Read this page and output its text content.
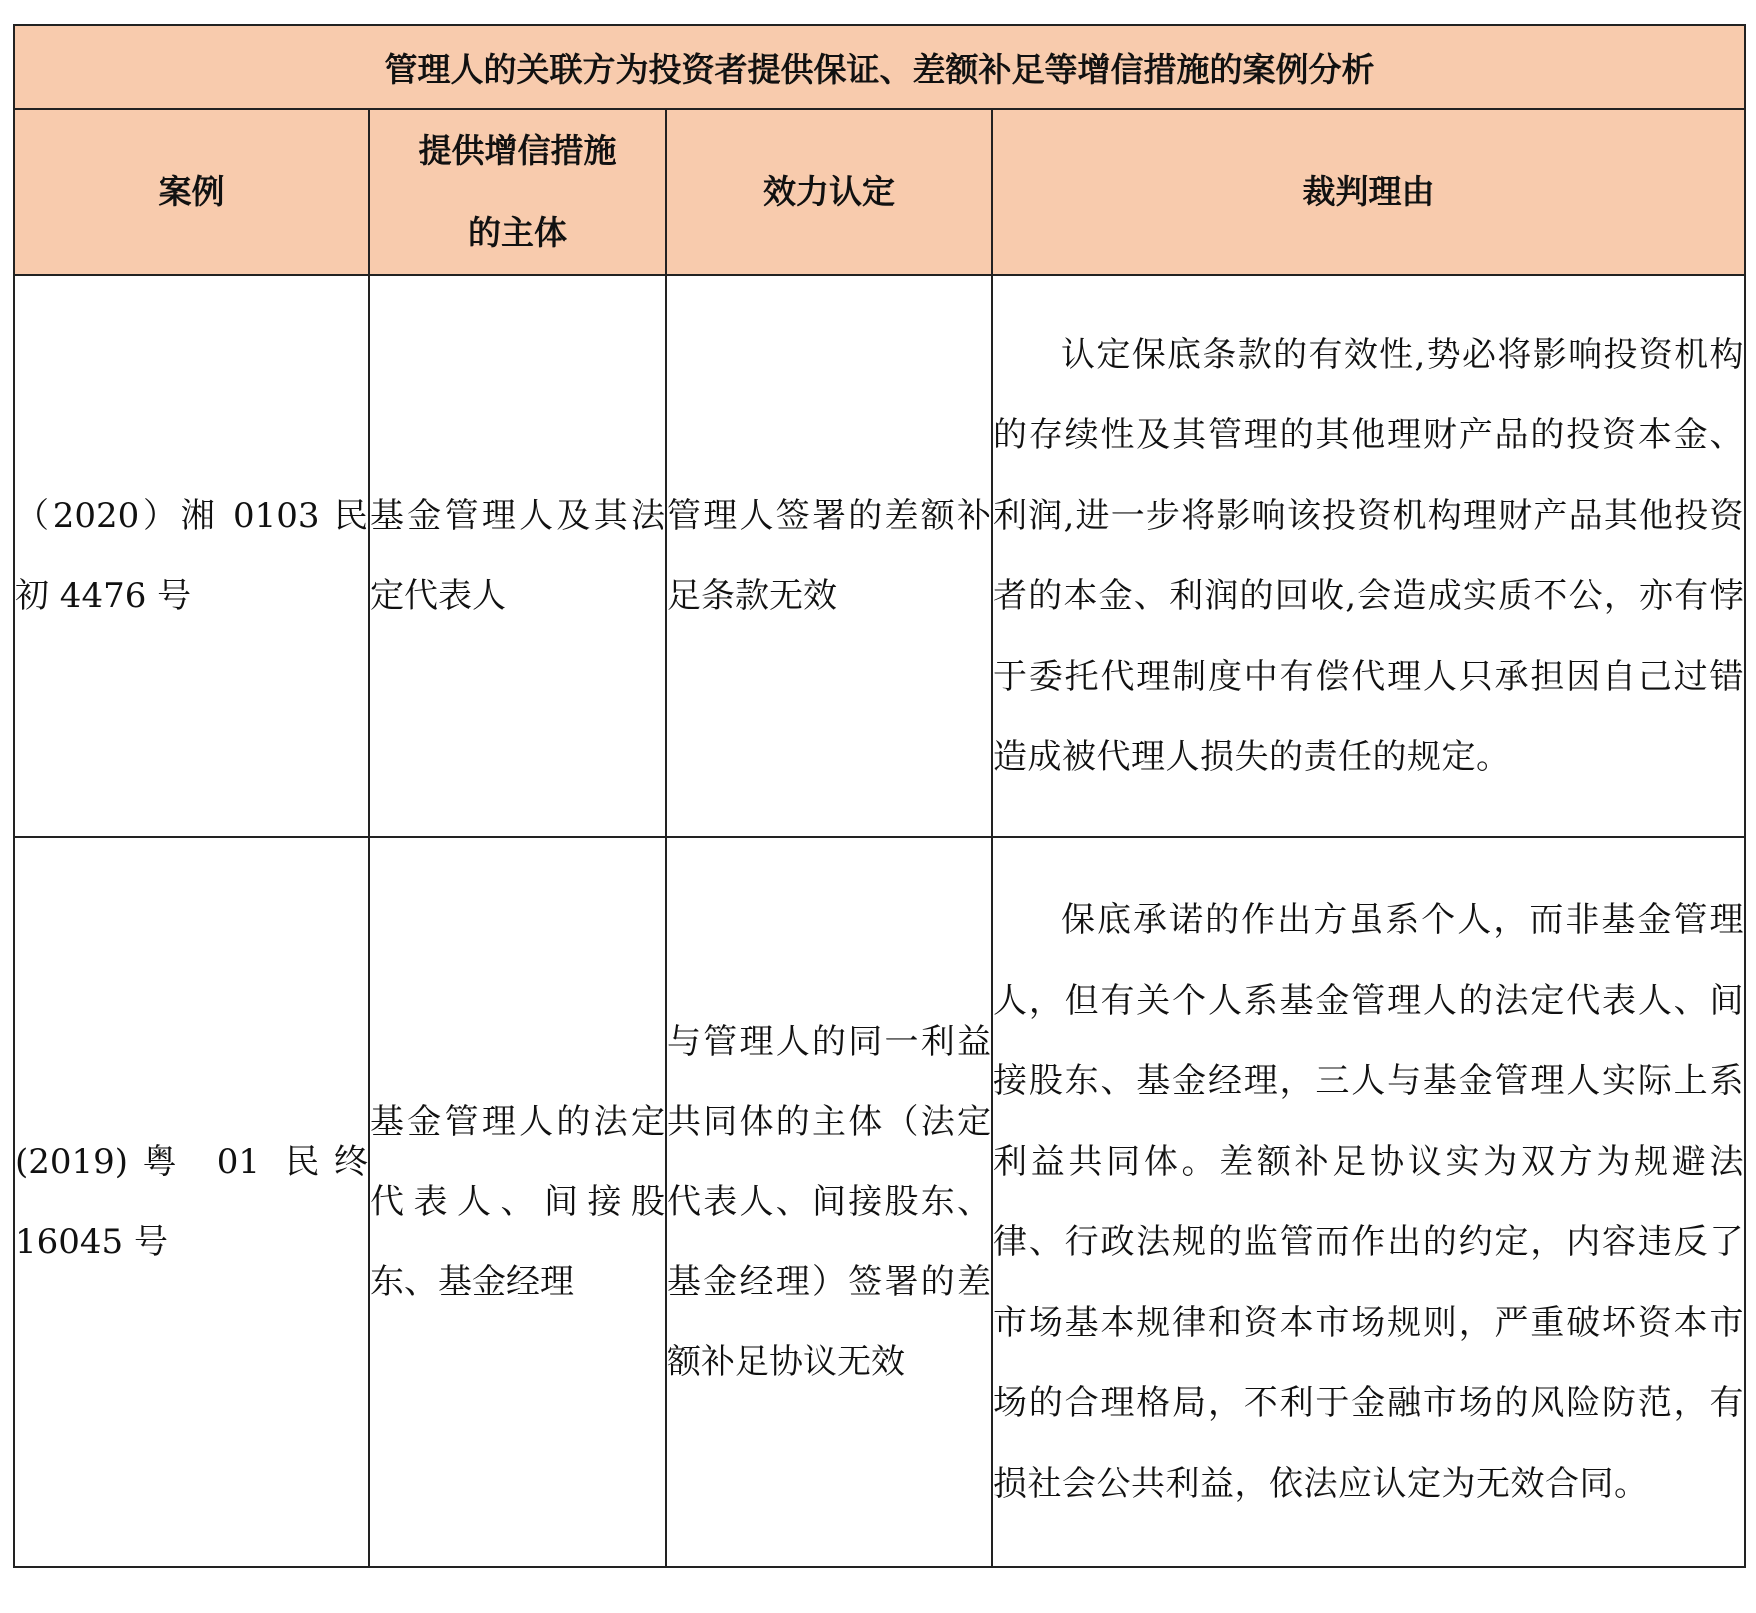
管理人的关联方为投资者提供保证、差额补足等增信措施的案例分析			
案例	提供增信措施的主体	效力认定	裁判理由
（2020）湘 0103 民初 4476 号	基金管理人及其法定代表人	管理人签署的差额补足条款无效	认定保底条款的有效性,势必将影响投资机构的存续性及其管理的其他理财产品的投资本金、利润,进一步将影响该投资机构理财产品其他投资者的本金、利润的回收,会造成实质不公，亦有悖于委托代理制度中有偿代理人只承担因自己过错造成被代理人损失的责任的规定。
(2019)粤 01 民终 16045 号	基金管理人的法定代表人、间接股东、基金经理	与管理人的同一利益共同体的主体（法定代表人、间接股东、基金经理）签署的差额补足协议无效	保底承诺的作出方虽系个人，而非基金管理人，但有关个人系基金管理人的法定代表人、间接股东、基金经理，三人与基金管理人实际上系利益共同体。差额补足协议实为双方为规避法律、行政法规的监管而作出的约定，内容违反了市场基本规律和资本市场规则，严重破坏资本市场的合理格局，不利于金融市场的风险防范，有损社会公共利益，依法应认定为无效合同。
